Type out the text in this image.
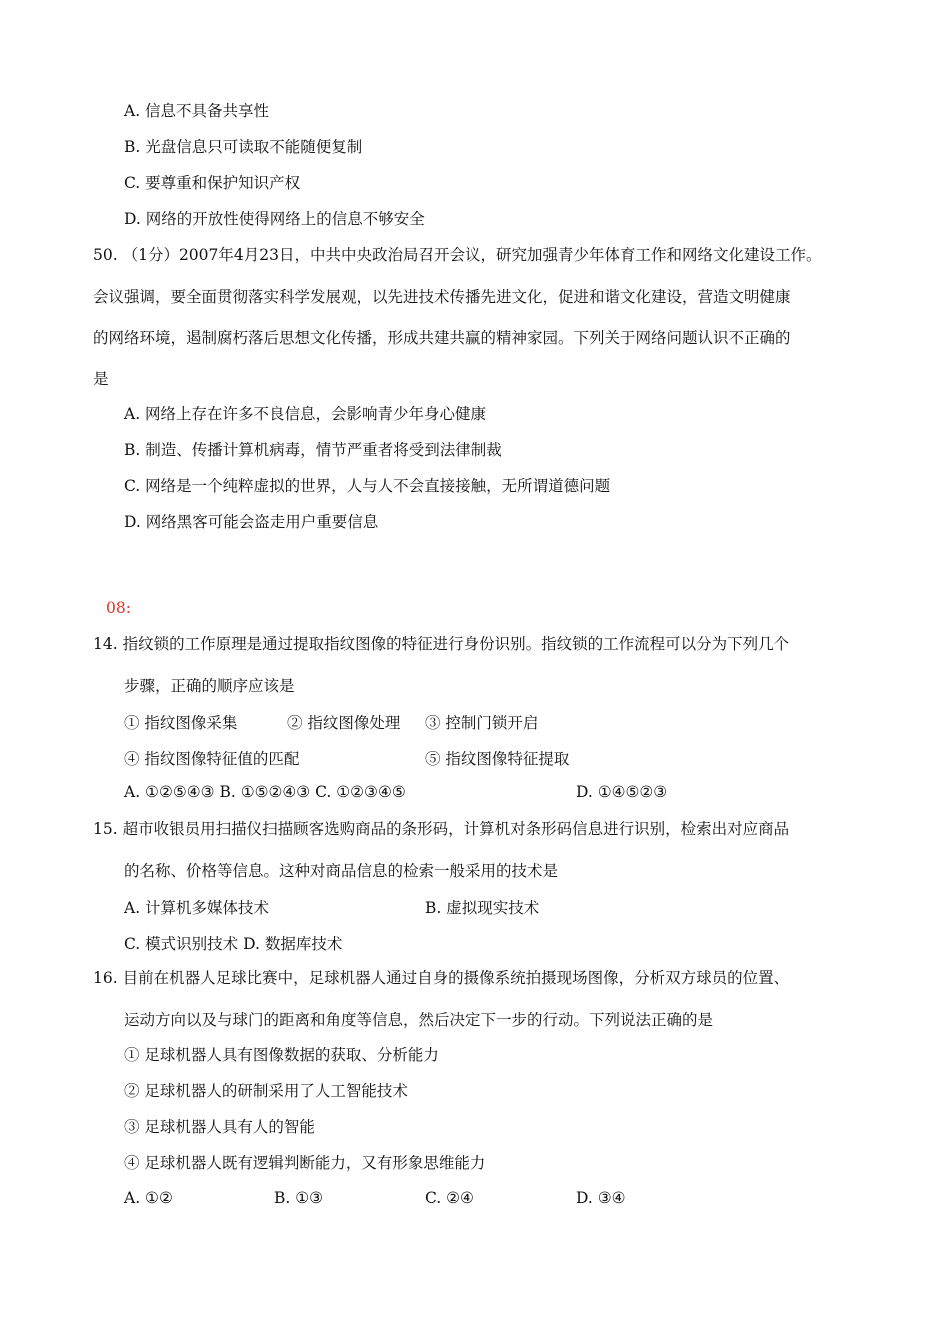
A. 信息不具备共享性
B. 光盘信息只可读取不能随便复制
C. 要尊重和保护知识产权
D. 网络的开放性使得网络上的信息不够安全
50. （1分）2007年4月23日，中共中央政治局召开会议，研究加强青少年体育工作和网络文化建设工作。
会议强调，要全面贯彻落实科学发展观，以先进技术传播先进文化，促进和谐文化建设，营造文明健康
的网络环境，遏制腐朽落后思想文化传播，形成共建共赢的精神家园。下列关于网络问题认识不正确的
是
A. 网络上存在许多不良信息，会影响青少年身心健康
B. 制造、传播计算机病毒，情节严重者将受到法律制裁
C. 网络是一个纯粹虚拟的世界，人与人不会直接接触，无所谓道德问题
D. 网络黑客可能会盗走用户重要信息
08:
14. 指纹锁的工作原理是通过提取指纹图像的特征进行身份识别。指纹锁的工作流程可以分为下列几个
步骤，正确的顺序应该是
① 指纹图像采集	② 指纹图像处理 ③ 控制门锁开启
④ 指纹图像特征值的匹配	⑤ 指纹图像特征提取
A. ①②⑤④③ B. ①⑤②④③ C. ①②③④⑤	D. ①④⑤②③
15. 超市收银员用扫描仪扫描顾客选购商品的条形码，计算机对条形码信息进行识别，检索出对应商品
的名称、价格等信息。这种对商品信息的检索一般采用的技术是
A. 计算机多媒体技术	B. 虚拟现实技术
C. 模式识别技术 D. 数据库技术
16. 目前在机器人足球比赛中，足球机器人通过自身的摄像系统拍摄现场图像，分析双方球员的位置、
运动方向以及与球门的距离和角度等信息，然后决定下一步的行动。下列说法正确的是
① 足球机器人具有图像数据的获取、分析能力
② 足球机器人的研制采用了人工智能技术
③ 足球机器人具有人的智能
④ 足球机器人既有逻辑判断能力，又有形象思维能力
A. ①②	B. ①③	C. ②④	D. ③④
